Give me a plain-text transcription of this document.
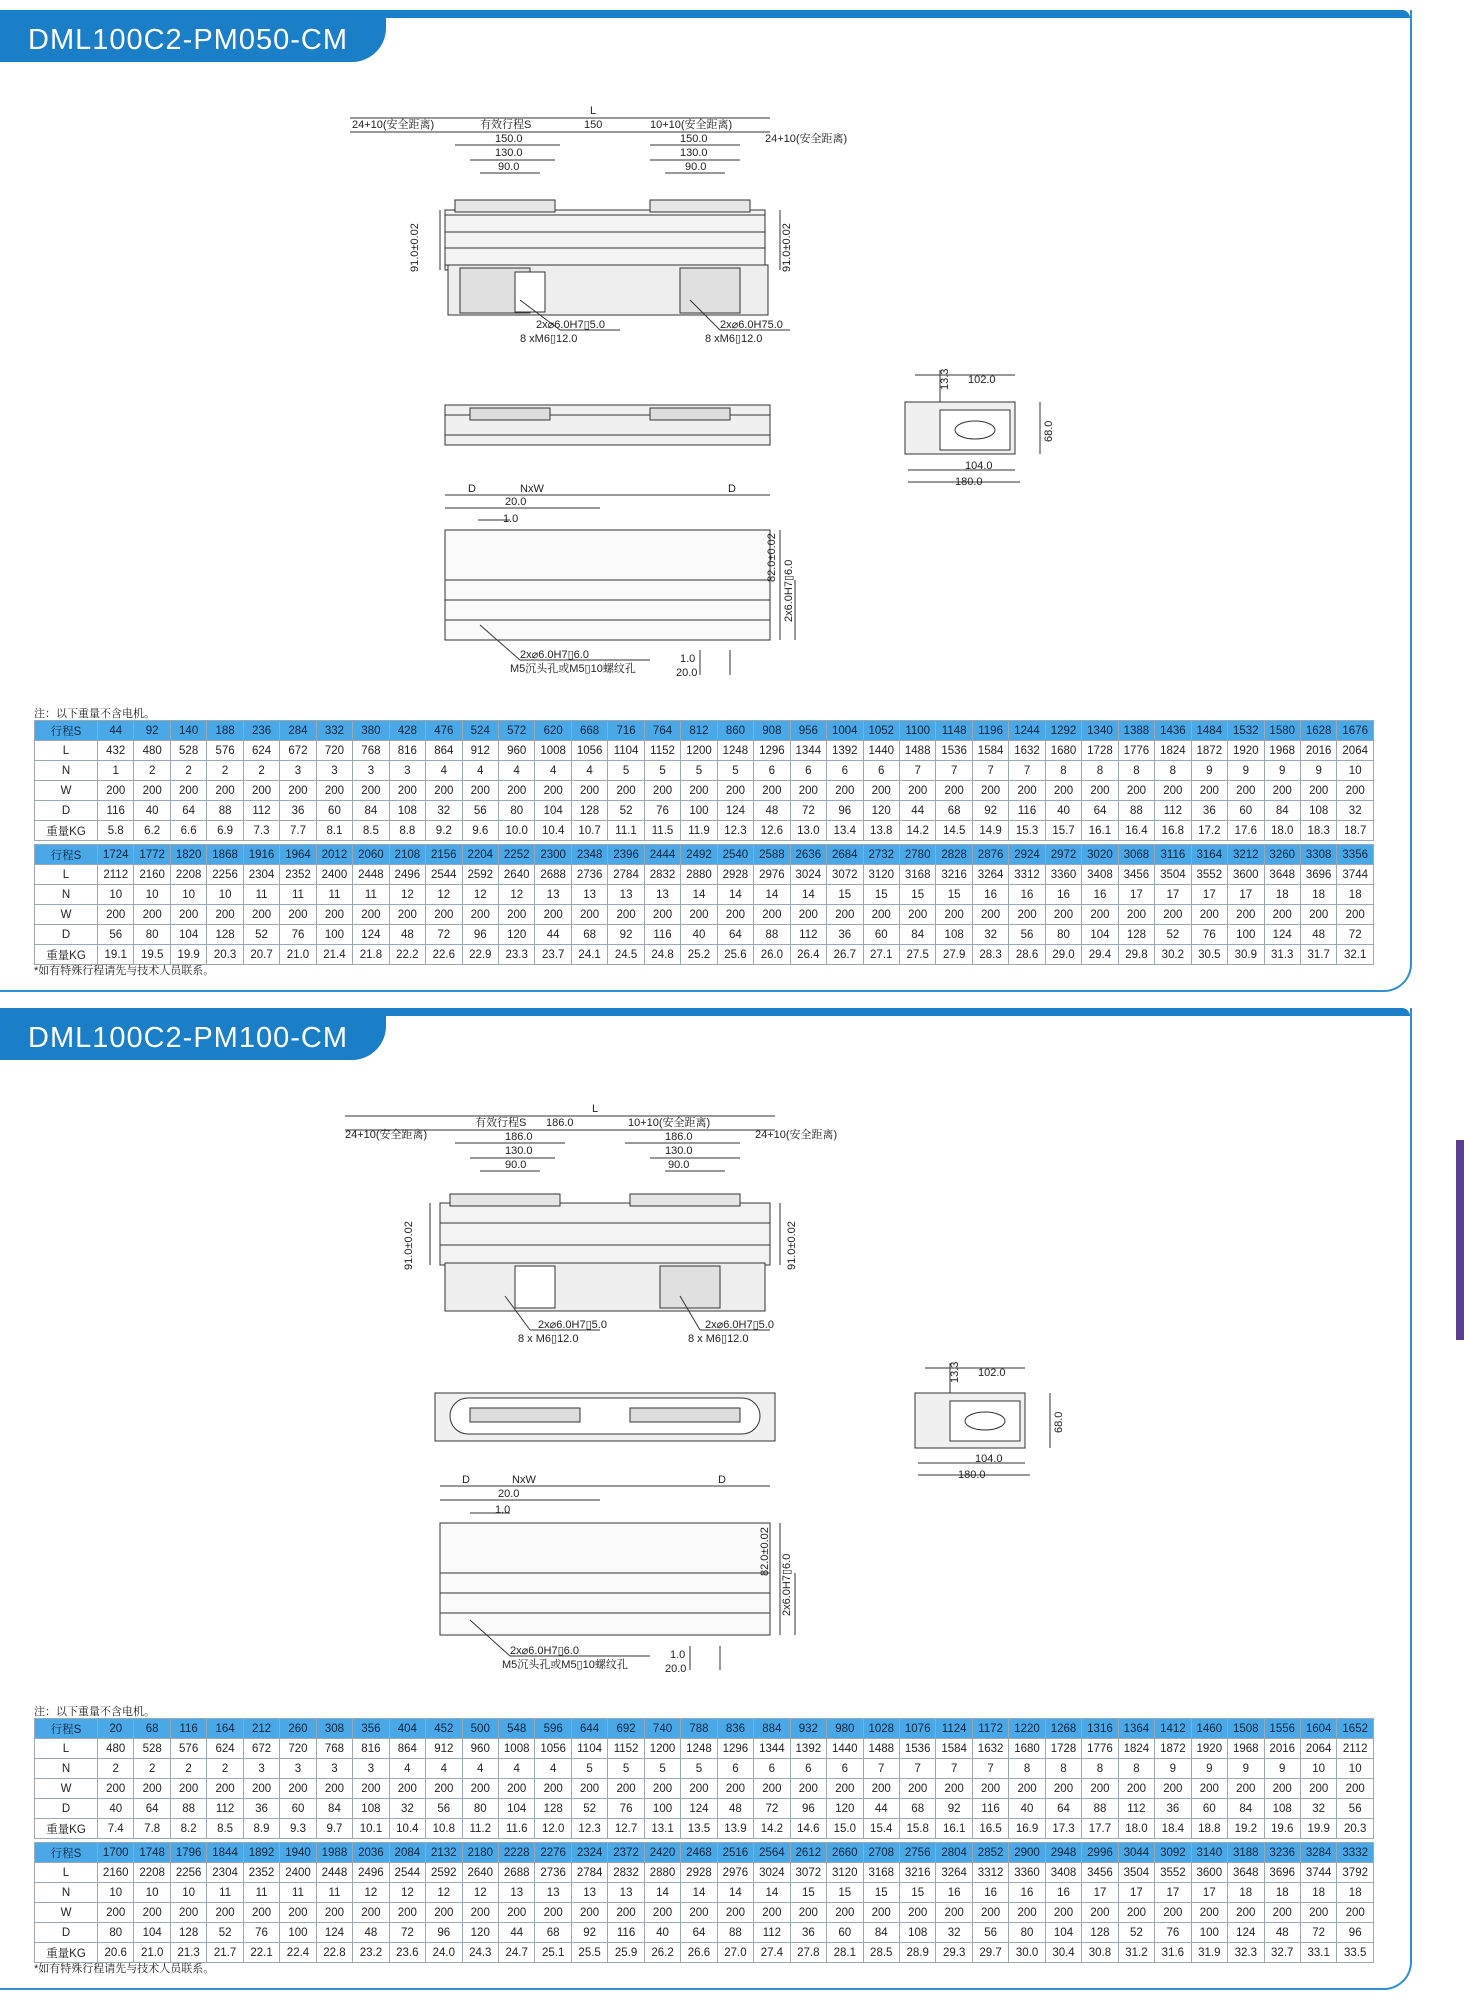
DML100C2-PM050-CM
L
24+10(安全距离)	有效行程S	150	10+10(安全距离)
24+10(安全距离)
150.0
130.0
90.0
150.0
130.0
90.0
91.0±0.02	91.0±0.02
2x⌀6.0H7▯5.0
8 xM6▯12.0
2x⌀6.0H75.0
8 xM6▯12.0
13.3 102.0
68.0
104.0
180.0
D	NxW	D
20.0
1.0
82.0±0.02
2x6.0H7▯6.0
2x⌀6.0H7▯6.0
M5沉头孔或M5▯10螺纹孔
1.0
20.0
注：以下重量不含电机。
行程S	44	92	140	188	236	284	332	380	428	476	524	572	620	668	716	764	812	860	908	956	1004	1052	1100	1148	1196	1244	1292	1340	1388	1436	1484	1532	1580	1628	1676
L	432	480	528	576	624	672	720	768	816	864	912	960	1008	1056	1104	1152	1200	1248	1296	1344	1392	1440	1488	1536	1584	1632	1680	1728	1776	1824	1872	1920	1968	2016	2064
N	1	2	2	2	2	3	3	3	3	4	4	4	4	4	5	5	5	5	6	6	6	6	7	7	7	7	8	8	8	8	9	9	9	9	10
W	200	200	200	200	200	200	200	200	200	200	200	200	200	200	200	200	200	200	200	200	200	200	200	200	200	200	200	200	200	200	200	200	200	200	200
D	116	40	64	88	112	36	60	84	108	32	56	80	104	128	52	76	100	124	48	72	96	120	44	68	92	116	40	64	88	112	36	60	84	108	32
重量KG	5.8	6.2	6.6	6.9	7.3	7.7	8.1	8.5	8.8	9.2	9.6	10.0	10.4	10.7	11.1	11.5	11.9	12.3	12.6	13.0	13.4	13.8	14.2	14.5	14.9	15.3	15.7	16.1	16.4	16.8	17.2	17.6	18.0	18.3	18.7

行程S	1724	1772	1820	1868	1916	1964	2012	2060	2108	2156	2204	2252	2300	2348	2396	2444	2492	2540	2588	2636	2684	2732	2780	2828	2876	2924	2972	3020	3068	3116	3164	3212	3260	3308	3356
L	2112	2160	2208	2256	2304	2352	2400	2448	2496	2544	2592	2640	2688	2736	2784	2832	2880	2928	2976	3024	3072	3120	3168	3216	3264	3312	3360	3408	3456	3504	3552	3600	3648	3696	3744
N	10	10	10	10	11	11	11	11	12	12	12	12	13	13	13	13	14	14	14	14	15	15	15	15	16	16	16	16	17	17	17	17	18	18	18
W	200	200	200	200	200	200	200	200	200	200	200	200	200	200	200	200	200	200	200	200	200	200	200	200	200	200	200	200	200	200	200	200	200	200	200
D	56	80	104	128	52	76	100	124	48	72	96	120	44	68	92	116	40	64	88	112	36	60	84	108	32	56	80	104	128	52	76	100	124	48	72
重量KG	19.1	19.5	19.9	20.3	20.7	21.0	21.4	21.8	22.2	22.6	22.9	23.3	23.7	24.1	24.5	24.8	25.2	25.6	26.0	26.4	26.7	27.1	27.5	27.9	28.3	28.6	29.0	29.4	29.8	30.2	30.5	30.9	31.3	31.7	32.1
*如有特殊行程请先与技术人员联系。
DML100C2-PM100-CM
L
24+10(安全距离)
有效行程S 186.0	10+10(安全距离)
24+10(安全距离)
186.0
130.0
90.0
186.0
130.0
90.0
91.0±0.02	91.0±0.02
2x⌀6.0H7▯5.0
8 x M6▯12.0
2x⌀6.0H7▯5.0
8 x M6▯12.0
13.3 102.0
68.0
104.0
180.0
D	NxW	D
20.0
1.0
82.0±0.02
2x6.0H7▯6.0
2x⌀6.0H7▯6.0
M5沉头孔或M5▯10螺纹孔
1.0
20.0
注：以下重量不含电机。
行程S	20	68	116	164	212	260	308	356	404	452	500	548	596	644	692	740	788	836	884	932	980	1028	1076	1124	1172	1220	1268	1316	1364	1412	1460	1508	1556	1604	1652
L	480	528	576	624	672	720	768	816	864	912	960	1008	1056	1104	1152	1200	1248	1296	1344	1392	1440	1488	1536	1584	1632	1680	1728	1776	1824	1872	1920	1968	2016	2064	2112
N	2	2	2	2	3	3	3	3	4	4	4	4	4	5	5	5	5	6	6	6	6	7	7	7	7	8	8	8	8	9	9	9	9	10	10
W	200	200	200	200	200	200	200	200	200	200	200	200	200	200	200	200	200	200	200	200	200	200	200	200	200	200	200	200	200	200	200	200	200	200	200
D	40	64	88	112	36	60	84	108	32	56	80	104	128	52	76	100	124	48	72	96	120	44	68	92	116	40	64	88	112	36	60	84	108	32	56
重量KG	7.4	7.8	8.2	8.5	8.9	9.3	9.7	10.1	10.4	10.8	11.2	11.6	12.0	12.3	12.7	13.1	13.5	13.9	14.2	14.6	15.0	15.4	15.8	16.1	16.5	16.9	17.3	17.7	18.0	18.4	18.8	19.2	19.6	19.9	20.3

行程S	1700	1748	1796	1844	1892	1940	1988	2036	2084	2132	2180	2228	2276	2324	2372	2420	2468	2516	2564	2612	2660	2708	2756	2804	2852	2900	2948	2996	3044	3092	3140	3188	3236	3284	3332
L	2160	2208	2256	2304	2352	2400	2448	2496	2544	2592	2640	2688	2736	2784	2832	2880	2928	2976	3024	3072	3120	3168	3216	3264	3312	3360	3408	3456	3504	3552	3600	3648	3696	3744	3792
N	10	10	10	11	11	11	11	12	12	12	12	13	13	13	13	14	14	14	14	15	15	15	15	16	16	16	16	17	17	17	17	18	18	18	18
W	200	200	200	200	200	200	200	200	200	200	200	200	200	200	200	200	200	200	200	200	200	200	200	200	200	200	200	200	200	200	200	200	200	200	200
D	80	104	128	52	76	100	124	48	72	96	120	44	68	92	116	40	64	88	112	36	60	84	108	32	56	80	104	128	52	76	100	124	48	72	96
重量KG	20.6	21.0	21.3	21.7	22.1	22.4	22.8	23.2	23.6	24.0	24.3	24.7	25.1	25.5	25.9	26.2	26.6	27.0	27.4	27.8	28.1	28.5	28.9	29.3	29.7	30.0	30.4	30.8	31.2	31.6	31.9	32.3	32.7	33.1	33.5
*如有特殊行程请先与技术人员联系。
